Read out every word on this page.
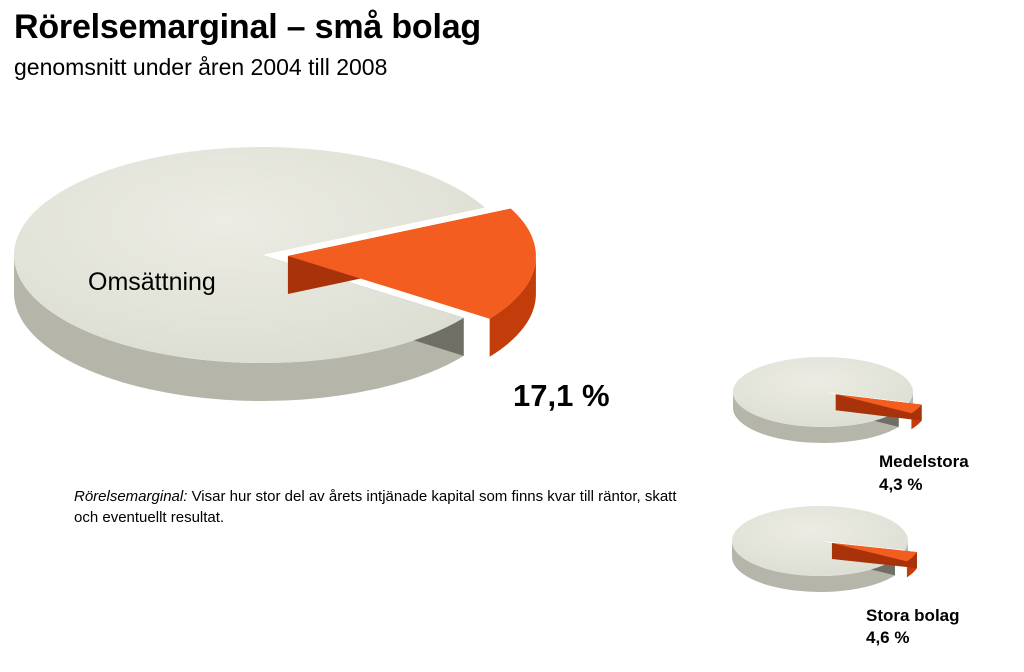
Rörelsemarginal – små bolag
genomsnitt under åren 2004 till 2008
Omsättning
17,1 %
Medelstora
4,3 %
Stora bolag
4,6 %
Rörelsemarginal: Visar hur stor del av årets intjänade kapital som finns kvar till räntor, skatt och eventuellt resultat.
